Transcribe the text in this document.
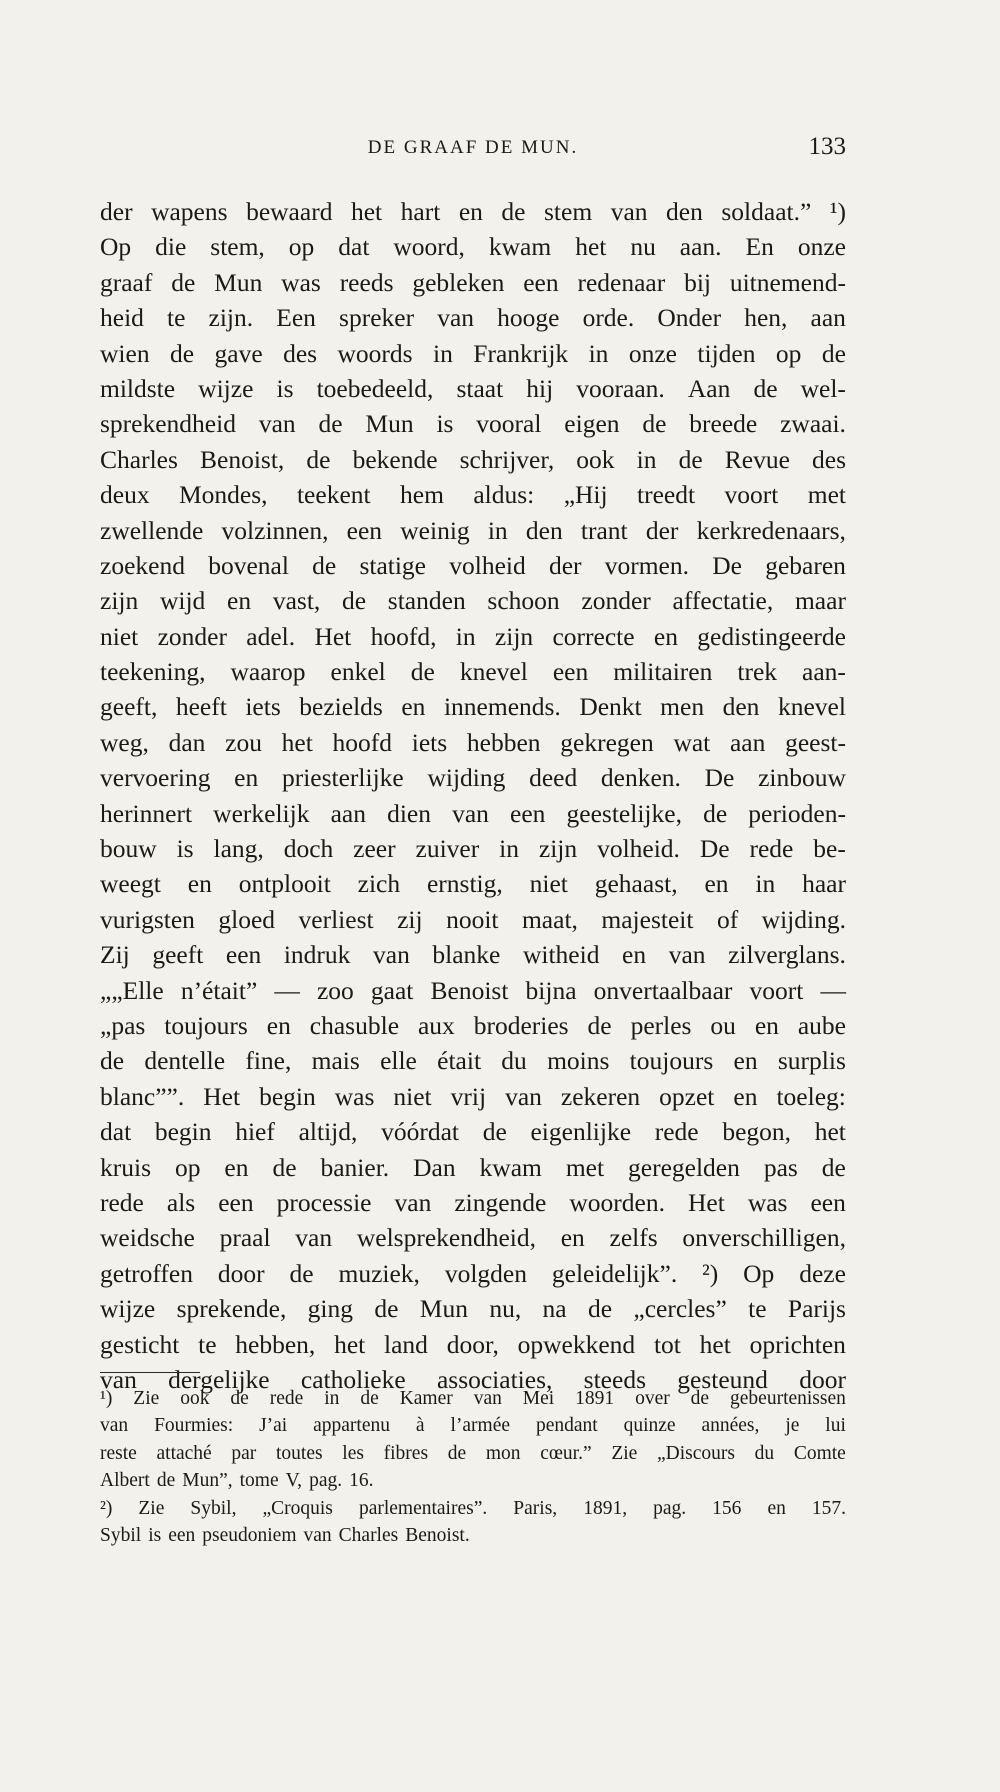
DE GRAAF DE MUN.	133
der wapens bewaard het hart en de stem van den soldaat.” ¹)
Op die stem, op dat woord, kwam het nu aan. En onze
graaf de Mun was reeds gebleken een redenaar bij uitnemend-
heid te zijn. Een spreker van hooge orde. Onder hen, aan
wien de gave des woords in Frankrijk in onze tijden op de
mildste wijze is toebedeeld, staat hij vooraan. Aan de wel-
sprekendheid van de Mun is vooral eigen de breede zwaai.
Charles Benoist, de bekende schrijver, ook in de Revue des
deux Mondes, teekent hem aldus: „Hij treedt voort met
zwellende volzinnen, een weinig in den trant der kerkredenaars,
zoekend bovenal de statige volheid der vormen. De gebaren
zijn wijd en vast, de standen schoon zonder affectatie, maar
niet zonder adel. Het hoofd, in zijn correcte en gedistingeerde
teekening, waarop enkel de knevel een militairen trek aan-
geeft, heeft iets bezields en innemends. Denkt men den knevel
weg, dan zou het hoofd iets hebben gekregen wat aan geest-
vervoering en priesterlijke wijding deed denken. De zinbouw
herinnert werkelijk aan dien van een geestelijke, de perioden-
bouw is lang, doch zeer zuiver in zijn volheid. De rede be-
weegt en ontplooit zich ernstig, niet gehaast, en in haar
vurigsten gloed verliest zij nooit maat, majesteit of wijding.
Zij geeft een indruk van blanke witheid en van zilverglans.
„„Elle n’était” — zoo gaat Benoist bijna onvertaalbaar voort —
„pas toujours en chasuble aux broderies de perles ou en aube
de dentelle fine, mais elle était du moins toujours en surplis
blanc””. Het begin was niet vrij van zekeren opzet en toeleg:
dat begin hief altijd, vóórdat de eigenlijke rede begon, het
kruis op en de banier. Dan kwam met geregelden pas de
rede als een processie van zingende woorden. Het was een
weidsche praal van welsprekendheid, en zelfs onverschilligen,
getroffen door de muziek, volgden geleidelijk”. ²) Op deze
wijze sprekende, ging de Mun nu, na de „cercles” te Parijs
gesticht te hebben, het land door, opwekkend tot het oprichten
van dergelijke catholieke associaties, steeds gesteund door
¹) Zie ook de rede in de Kamer van Mei 1891 over de gebeurtenissen
van Fourmies: J’ai appartenu à l’armée pendant quinze années, je lui
reste attaché par toutes les fibres de mon cœur.” Zie „Discours du Comte
Albert de Mun”, tome V, pag. 16.
²) Zie Sybil, „Croquis parlementaires”. Paris, 1891, pag. 156 en 157.
Sybil is een pseudoniem van Charles Benoist.
